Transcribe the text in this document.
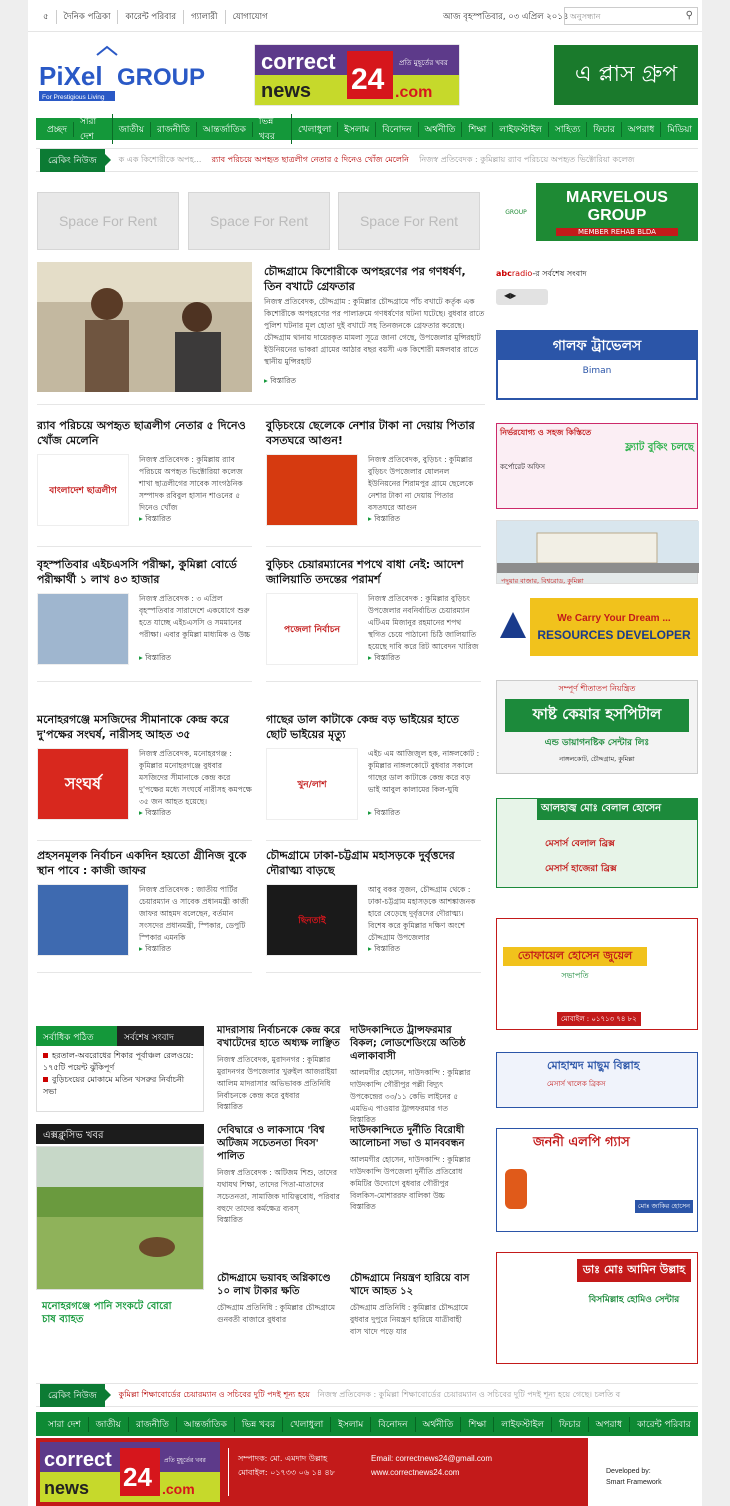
৫	দৈনিক পত্রিকা	কারেন্ট পরিবার	গ্যালারী	যোগাযোগ	আজ বৃহস্পতিবার, ০৩ এপ্রিল ২০১৪ অনুসন্ধান	⚲
PiXel GROUP
For Prestigious Living
correct
news 24 .com
প্রতি মুহূর্তের খবর	এ প্লাস গ্রুপ
প্রচ্ছদ
সারা দেশ
জাতীয়	রাজনীতি	আন্তর্জাতিক
ভিন্ন খবর
খেলাধুলা	ইসলাম	বিনোদন	অর্থনীতি	শিক্ষা	লাইফস্টাইল	সাহিত্য	ফিচার	অপরাধ	মিডিয়া
ব্রেকিং নিউজ	ক এক কিশোরীকে অপহ... র‌্যাব পরিচয়ে অপহৃত ছাত্রলীগ নেতার ৫ দিনেও খোঁজ মেলেনি নিজস্ব প্রতিবেদক : কুমিল্লায় র‌্যাব পরিচয়ে অপহৃত ভিক্টোরিয়া কলেজ
Space For Rent	Space For Rent	Space For Rent
চৌদ্দগ্রামে কিশোরীকে অপহরণের পর গণধর্ষণ, তিন বখাটে গ্রেফতার
নিজস্ব প্রতিবেদক, চৌদ্দগ্রাম : কুমিল্লার চৌদ্দগ্রামে পাঁচ বখাটে কর্তৃক এক কিশোরীকে অপহরণের পর পালাক্রমে গণধর্ষণের ঘটনা ঘটেছে। বুধবার রাতে পুলিশ ঘটনার মূল হোতা দুই বখাটে সহ তিনজনকে গ্রেফতার করেছে। চৌদ্দগ্রাম থানায় দায়েরকৃত মামলা সূত্রে জানা গেছে, উপজেলার মুন্সিরহাট ইউনিয়নের ভাকরা গ্রামের আঠার বছর বয়সী এক কিশোরী মঙ্গলবার রাতে স্থানীয় মুন্সিরহাট
▸ বিস্তারিত
র‌্যাব পরিচয়ে অপহৃত ছাত্রলীগ নেতার ৫ দিনেও খোঁজ মেলেনি
বাংলাদেশ ছাত্রলীগ
নিজস্ব প্রতিবেদক : কুমিল্লায় র‌্যাব পরিচয়ে অপহৃত ভিক্টোরিয়া কলেজ শাখা ছাত্রলীগের সাবেক সাংগঠনিক সম্পাদক রবিবুল হাসান শাওনের ৫ দিনেও খোঁজ
▸ বিস্তারিত
বুড়িচংয়ে ছেলেকে নেশার টাকা না দেয়ায় পিতার বসতঘরে আগুন!
নিজস্ব প্রতিবেদক, বুড়িচং : কুমিল্লার বুড়িচং উপজেলার ষোলনল ইউনিয়নের শিরামপুর গ্রামে ছেলেকে নেশার টাকা না দেয়ায় পিতার বসতঘরে আগুন
▸ বিস্তারিত
বৃহস্পতিবার এইচএসসি পরীক্ষা, কুমিল্লা বোর্ডে পরীক্ষার্থী ১ লাখ ৪৩ হাজার
নিজস্ব প্রতিবেদক : ৩ এপ্রিল বৃহস্পতিবার সারাদেশে একযোগে শুরু হতে যাচ্ছে এইচএসসি ও সমমানের পরীক্ষা। এবার কুমিল্লা মাধ্যমিক ও উচ্চ
▸ বিস্তারিত
বুড়িচং চেয়ারম্যানের শপথে বাধা নেই: আদেশ জালিয়াতি তদন্তের পরামর্শ
পজেলা নির্বাচন
নিজস্ব প্রতিবেদক : কুমিল্লার বুড়িচং উপজেলার নবনির্বাচিত চেয়ারম্যান এটিএম মিজানুর রহমানের শপথ স্থগিত চেয়ে পাঠানো চিঠি জালিয়াতি হয়েছে দাবি করে রিট আবেদন খারিজ
▸ বিস্তারিত
মনোহরগঞ্জে মসজিদের সীমানাকে কেন্দ্র করে দু'পক্ষের সংঘর্ষ, নারীসহ আহত ৩৫
সংঘর্ষ
নিজস্ব প্রতিবেদক, মনোহরগঞ্জ : কুমিল্লার মনোহরগঞ্জে বুধবার মসজিদের সীমানাকে কেন্দ্র করে দু'পক্ষের মধ্যে সংঘর্ষে নারীসহ কমপক্ষে ৩৫ জন আহত হয়েছে।
▸ বিস্তারিত
গাছের ডাল কাটাকে কেন্দ্র বড় ভাইয়ের হাতে ছোট ভাইয়ের মৃত্যু
খুন/লাশ
এইচ এম আজিজুল হক, নাঙ্গলকোট : কুমিল্লার নাঙ্গলকোটে বুধবার সকালে গাছের ডাল কাটাকে কেন্দ্র করে বড় ভাই আবুল কালামের কিল-ঘুষি
▸ বিস্তারিত
প্রহসনমূলক নির্বাচন একদিন হয়তো গ্রীনিজ বুকে স্থান পাবে : কাজী জাফর
নিজস্ব প্রতিবেদক : জাতীয় পার্টির চেয়ারম্যান ও সাবেক প্রধানমন্ত্রী কাজী জাফর আহমদ বলেছেন, বর্তমান সংসদের প্রধানমন্ত্রী, স্পিকার, ডেপুটি স্পিকার এমনকি
▸ বিস্তারিত
চৌদ্দগ্রামে ঢাকা-চট্টগ্রাম মহাসড়কে দুর্বৃত্তদের দৌরাত্ম্য বাড়ছে
ছিনতাই
আবু বকর সুজন, চৌদ্দগ্রাম থেকে : ঢাকা-চট্টগ্রাম মহাসড়কে আশঙ্কাজনক হারে বেড়েছে দুর্বৃত্তদের দৌরাত্ম্য। বিশেষ করে কুমিল্লার দক্ষিণ অংশে চৌদ্দগ্রাম উপজেলার
▸ বিস্তারিত
সর্বাধিক পঠিত	সর্বশেষ সংবাদ
হরতাল-অবরোধের শিকার পূর্বাঞ্চল রেলওয়ে: ১৭৫টি পয়েন্ট ঝুঁকিপূর্ণ
বুড়িচংয়ের মোকামে মতিন খসরুর নির্বাচনী সভা
এক্সক্লুসিভ খবর
মনোহরগঞ্জে পানি সংকটে বোরো চাষ ব্যাহত
মাদরাসায় নির্বাচনকে কেন্দ্র করে বখাটেদের হাতে অধ্যক্ষ লাঞ্ছিত
নিজস্ব প্রতিবেদক, মুরাদনগর : কুমিল্লার মুরাদনগর উপজেলার খুরুইল আজরাইয়া আলিম মাদরাসার অভিভাবক প্রতিনিধি নির্বাচনকে কেন্দ্র করে বুধবার
বিস্তারিত
দেবিদ্বারে ও লাকসামে 'বিশ্ব অটিজম সচেতনতা দিবস' পালিত
নিজস্ব প্রতিবেদক : অটিজম শিশু, তাদের যথাযথ শিক্ষা, তাদের পিতা-মাতাদের সচেতনতা, সামাজিক দায়িত্ববোধ, পরিবার বহুদে তাদের কর্মক্ষেত্র ব্যবস্
বিস্তারিত
চৌদ্দগ্রামে ভয়াবহ অগ্নিকাণ্ডে ১০ লাখ টাকার ক্ষতি
চৌদ্দগ্রাম প্রতিনিধি : কুমিল্লার চৌদ্দগ্রামে গুনবতী বাজারে বুধবার
দাউদকান্দিতে ট্রান্সফরমার বিকল; লোডশেডিংয়ে অতিষ্ঠ এলাকাবাসী
আলমগীর হোসেন, দাউদকান্দি : কুমিল্লার দাউদকান্দি গৌরীপুর পল্লী বিদ্যুৎ উপকেন্দ্রের ৩৩/১১ কেভি লাইনের ৫ এমভিএ পাওয়ার ট্রান্সফরমার গত
বিস্তারিত
দাউদকান্দিতে দুর্নীতি বিরোধী আলোচনা সভা ও মানববন্ধন
আলমগীর হোসেন, দাউদকান্দি : কুমিল্লার দাউদকান্দি উপজেলা দুর্নীতি প্রতিরোধ কমিটির উদ্যোগে বুধবার গৌরীপুর বিলকিস-মোশাররফ বালিকা উচ্চ
বিস্তারিত
চৌদ্দগ্রামে নিয়ন্ত্রণ হারিয়ে বাস খাদে আহত ১২
চৌদ্দগ্রাম প্রতিনিধি : কুমিল্লার চৌদ্দগ্রামে বুধবার দুপুরে নিয়ন্ত্রণ হারিয়ে যাত্রীবাহী বাস খাদে পড়ে যার
GROUP
MARVELOUS GROUP
MEMBER REHAB BLDA
abcradio-র সর্বশেষ সংবাদ
◀▶
গালফ ট্রাভেলস
Biman
নির্ভরযোগ্য ও সহজ কিস্তিতে
ফ্ল্যাট বুকিং চলছে
কর্পোরেট অফিস
পদুয়ার বাজার, বিশ্বরোড, কুমিল্লা
We Carry Your Dream ...
RESOURCES DEVELOPER
সম্পূর্ণ শীতাতপ নিয়ন্ত্রিত
ফাষ্ট কেয়ার হসপিটাল
এন্ড ডায়াগনষ্টিক সেন্টার লিঃ
নাঙ্গলকোট, চৌদ্দগ্রাম, কুমিল্লা
আলহাজ্ব মোঃ বেলাল হোসেন
মেসার্স বেলাল ব্রিক্স
মেসার্স হাজেরা ব্রিক্স
তোফায়েল হোসেন জুয়েল
সভাপতি
মোবাইল : ০১৭১৩ ৭৪ ৮২
মোহাম্মদ মাছুম বিল্লাহ
মেসার্স খালেক ব্রিকস
জননী এলপি গ্যাস
মোঃ জাকির হোসেন
ডাঃ মোঃ আমিন উল্লাহ
বিসমিল্লাহ হোমিও সেন্টার
ব্রেকিং নিউজ	কুমিল্লা শিক্ষাবোর্ডের চেয়ারম্যান ও সচিবের দুটি পদই শূন্য হয়ে নিজস্ব প্রতিবেদক : কুমিল্লা শিক্ষাবোর্ডের চেয়ারম্যান ও সচিবের দুটি পদই শূন্য হয়ে গেছে। চলতি ব
সারা দেশ	জাতীয়	রাজনীতি	আন্তর্জাতিক	ভিন্ন খবর	খেলাধুলা	ইসলাম	বিনোদন	অর্থনীতি	শিক্ষা	লাইফস্টাইল	ফিচার	অপরাধ	কারেন্ট পরিবার
correct
news 24 .com
প্রতি মুহূর্তের খবর	সম্পাদক: মো. এমদাদ উল্লাহ
মোবাইল: ০১৭৩৩ ০৬ ১৪ ৪৮
Email: correctnews24@gmail.com
www.correctnews24.com	Developed by:
Smart Framework
